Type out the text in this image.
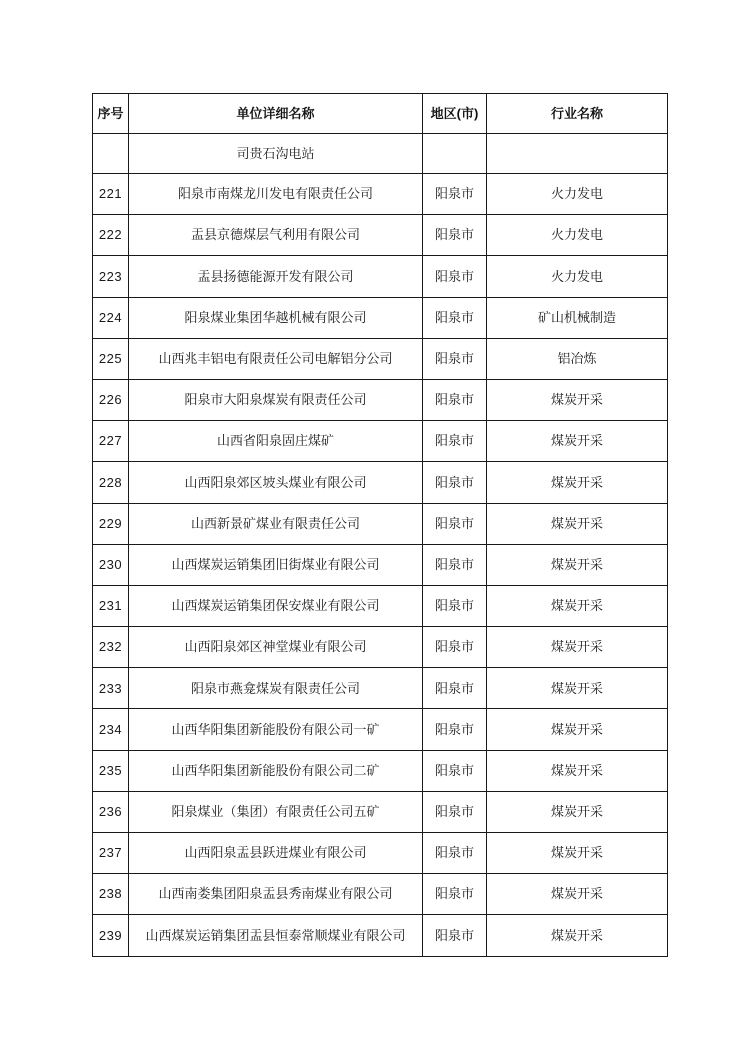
序号	单位详细名称	地区(市)	行业名称
	司贵石沟电站		
221	阳泉市南煤龙川发电有限责任公司	阳泉市	火力发电
222	盂县京德煤层气利用有限公司	阳泉市	火力发电
223	盂县扬德能源开发有限公司	阳泉市	火力发电
224	阳泉煤业集团华越机械有限公司	阳泉市	矿山机械制造
225	山西兆丰铝电有限责任公司电解铝分公司	阳泉市	铝冶炼
226	阳泉市大阳泉煤炭有限责任公司	阳泉市	煤炭开采
227	山西省阳泉固庄煤矿	阳泉市	煤炭开采
228	山西阳泉郊区坡头煤业有限公司	阳泉市	煤炭开采
229	山西新景矿煤业有限责任公司	阳泉市	煤炭开采
230	山西煤炭运销集团旧街煤业有限公司	阳泉市	煤炭开采
231	山西煤炭运销集团保安煤业有限公司	阳泉市	煤炭开采
232	山西阳泉郊区神堂煤业有限公司	阳泉市	煤炭开采
233	阳泉市燕龛煤炭有限责任公司	阳泉市	煤炭开采
234	山西华阳集团新能股份有限公司一矿	阳泉市	煤炭开采
235	山西华阳集团新能股份有限公司二矿	阳泉市	煤炭开采
236	阳泉煤业（集团）有限责任公司五矿	阳泉市	煤炭开采
237	山西阳泉盂县跃进煤业有限公司	阳泉市	煤炭开采
238	山西南娄集团阳泉盂县秀南煤业有限公司	阳泉市	煤炭开采
239	山西煤炭运销集团盂县恒泰常顺煤业有限公司	阳泉市	煤炭开采
